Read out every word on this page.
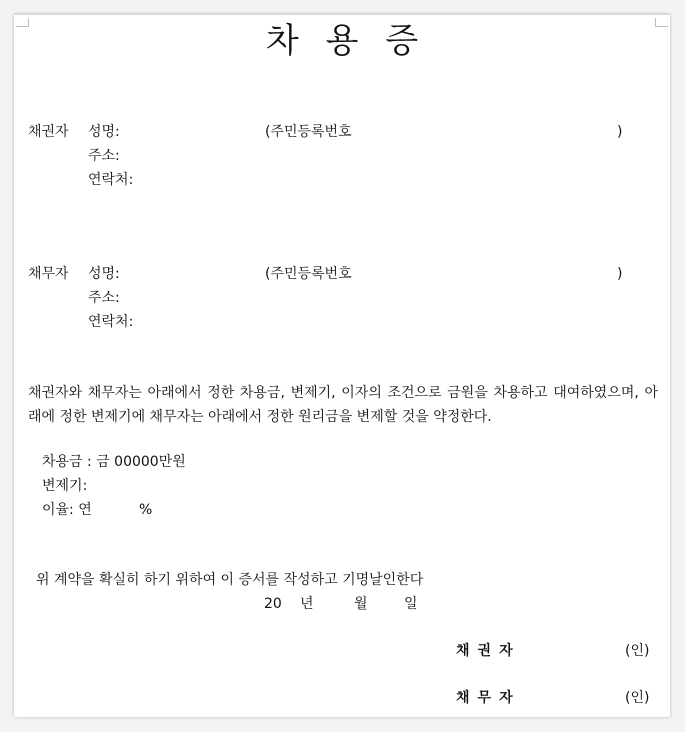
차 용 증
채권자 성명:	(주민등록번호	)
주소:
연락처:
채무자 성명:	(주민등록번호	)
주소:
연락처:
채권자와 채무자는 아래에서 정한 차용금, 변제기, 이자의 조건으로 금원을 차용하고 대여하였으며, 아래에 정한 변제기에 채무자는 아래에서 정한 원리금을 변제할 것을 약정한다.
차용금 : 금 00000만원
변제기:
이율: 연	%
위 계약을 확실히 하기 위하여 이 증서를 작성하고 기명날인한다
20 년	월	일
채 권 자	(인)
채 무 자	(인)
